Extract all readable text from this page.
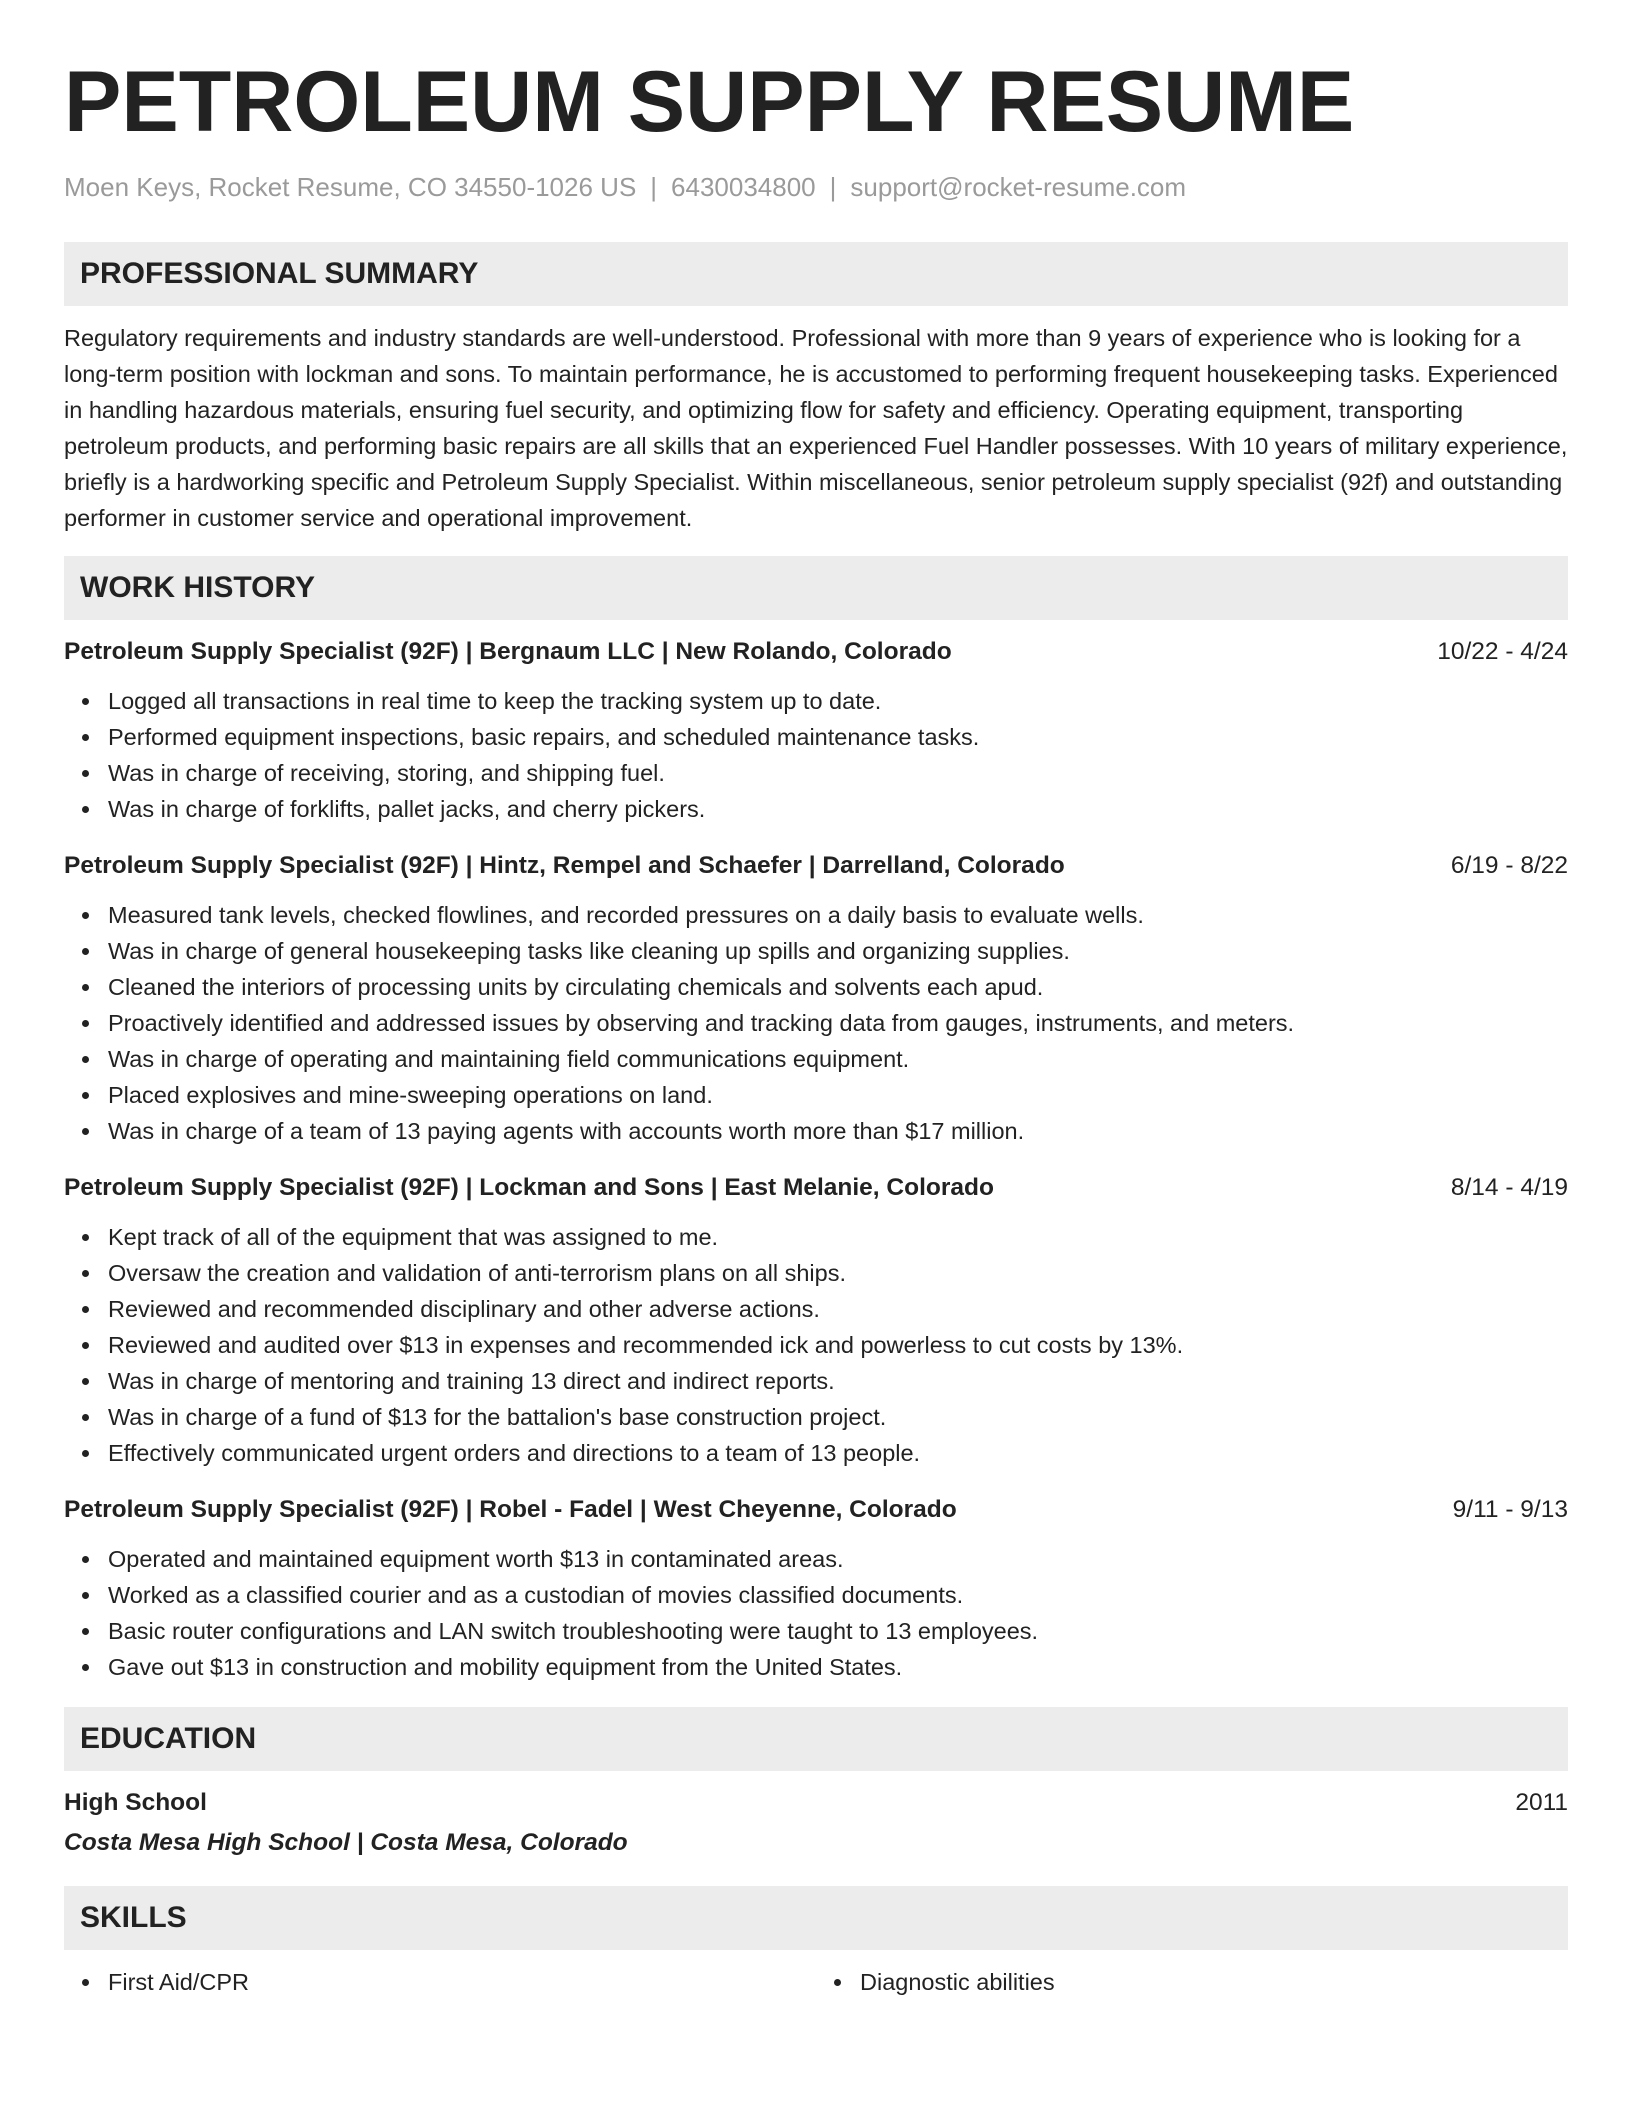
PETROLEUM SUPPLY RESUME
Moen Keys, Rocket Resume, CO 34550-1026 US | 6430034800 | support@rocket-resume.com
PROFESSIONAL SUMMARY

Regulatory requirements and industry standards are well-understood. Professional with more than 9 years of experience who is looking for a long-term position with lockman and sons. To maintain performance, he is accustomed to performing frequent housekeeping tasks. Experienced in handling hazardous materials, ensuring fuel security, and optimizing flow for safety and efficiency. Operating equipment, transporting petroleum products, and performing basic repairs are all skills that an experienced Fuel Handler possesses. With 10 years of military experience, briefly is a hardworking specific and Petroleum Supply Specialist. Within miscellaneous, senior petroleum supply specialist (92f) and outstanding performer in customer service and operational improvement.

WORK HISTORY
Petroleum Supply Specialist (92F) | Bergnaum LLC | New Rolando, Colorado	10/22 - 4/24
Logged all transactions in real time to keep the tracking system up to date.
Performed equipment inspections, basic repairs, and scheduled maintenance tasks.
Was in charge of receiving, storing, and shipping fuel.
Was in charge of forklifts, pallet jacks, and cherry pickers.
Petroleum Supply Specialist (92F) | Hintz, Rempel and Schaefer | Darrelland, Colorado	6/19 - 8/22
Measured tank levels, checked flowlines, and recorded pressures on a daily basis to evaluate wells.
Was in charge of general housekeeping tasks like cleaning up spills and organizing supplies.
Cleaned the interiors of processing units by circulating chemicals and solvents each apud.
Proactively identified and addressed issues by observing and tracking data from gauges, instruments, and meters.
Was in charge of operating and maintaining field communications equipment.
Placed explosives and mine-sweeping operations on land.
Was in charge of a team of 13 paying agents with accounts worth more than $17 million.
Petroleum Supply Specialist (92F) | Lockman and Sons | East Melanie, Colorado	8/14 - 4/19
Kept track of all of the equipment that was assigned to me.
Oversaw the creation and validation of anti-terrorism plans on all ships.
Reviewed and recommended disciplinary and other adverse actions.
Reviewed and audited over $13 in expenses and recommended ick and powerless to cut costs by 13%.
Was in charge of mentoring and training 13 direct and indirect reports.
Was in charge of a fund of $13 for the battalion's base construction project.
Effectively communicated urgent orders and directions to a team of 13 people.
Petroleum Supply Specialist (92F) | Robel - Fadel | West Cheyenne, Colorado	9/11 - 9/13
Operated and maintained equipment worth $13 in contaminated areas.
Worked as a classified courier and as a custodian of movies classified documents.
Basic router configurations and LAN switch troubleshooting were taught to 13 employees.
Gave out $13 in construction and mobility equipment from the United States.
EDUCATION
High School	2011
Costa Mesa High School | Costa Mesa, Colorado
SKILLS
First Aid/CPR	Diagnostic abilities
